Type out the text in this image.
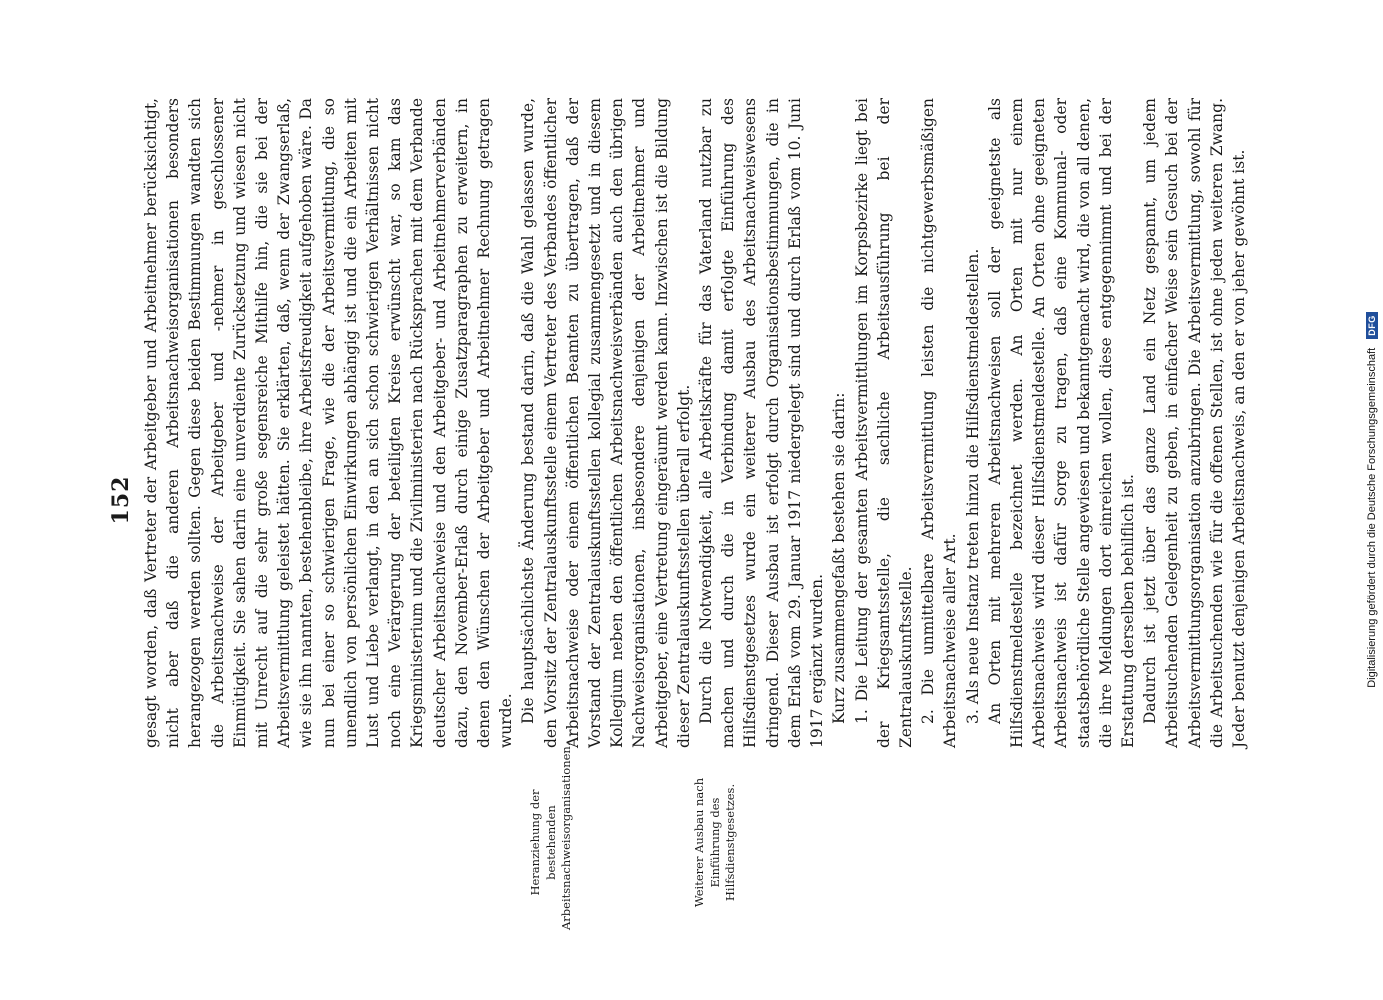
152
Heranziehung der bestehenden Arbeitsnachweisorganisationen.	Weiterer Ausbau nach Einführung des Hilfsdienstgesetzes.

gesagt worden, daß Vertreter der Arbeitgeber und Arbeitnehmer berücksichtigt, nicht aber daß die anderen Arbeitsnachweisorganisationen besonders herangezogen werden sollten. Gegen diese beiden Bestimmungen wandten sich die Arbeitsnachweise der Arbeitgeber und -nehmer in geschlossener Einmütigkeit. Sie sahen darin eine unverdiente Zurücksetzung und wiesen nicht mit Unrecht auf die sehr große segensreiche Mithilfe hin, die sie bei der Arbeitsvermittlung geleistet hätten. Sie erklärten, daß, wenn der Zwangserlaß, wie sie ihn nannten, bestehenbleibe, ihre Arbeitsfreudigkeit aufgehoben wäre. Da nun bei einer so schwierigen Frage, wie die der Arbeitsvermittlung, die so unendlich von persönlichen Einwirkungen abhängig ist und die ein Arbeiten mit Lust und Liebe verlangt, in den an sich schon schwierigen Verhältnissen nicht noch eine Verärgerung der beteiligten Kreise erwünscht war, so kam das Kriegsministerium und die Zivilministerien nach Rücksprachen mit dem Verbande deutscher Arbeitsnachweise und den Arbeitgeber- und Arbeitnehmerverbänden dazu, den November-Erlaß durch einige Zusatzparagraphen zu erweitern, in denen den Wünschen der Arbeitgeber und Arbeitnehmer Rechnung getragen wurde. Die hauptsächlichste Änderung bestand darin, daß die Wahl gelassen wurde, den Vorsitz der Zentralauskunftsstelle einem Vertreter des Verbandes öffentlicher Arbeitsnachweise oder einem öffentlichen Beamten zu übertragen, daß der Vorstand der Zentralauskunftsstellen kollegial zusammengesetzt und in diesem Kollegium neben den öffentlichen Arbeitsnachweisverbänden auch den übrigen Nachweisorganisationen, insbesondere denjenigen der Arbeitnehmer und Arbeitgeber, eine Vertretung eingeräumt werden kann. Inzwischen ist die Bildung dieser Zentralauskunftsstellen überall erfolgt. Durch die Notwendigkeit, alle Arbeitskräfte für das Vaterland nutzbar zu machen und durch die in Verbindung damit erfolgte Einführung des Hilfsdienstgesetzes wurde ein weiterer Ausbau des Arbeitsnachweiswesens dringend. Dieser Ausbau ist erfolgt durch Organisationsbestimmungen, die in dem Erlaß vom 29. Januar 1917 niedergelegt sind und durch Erlaß vom 10. Juni 1917 ergänzt wurden. Kurz zusammengefaßt bestehen sie darin: 1. Die Leitung der gesamten Arbeitsvermittlungen im Korpsbezirke liegt bei der Kriegsamtsstelle, die sachliche Arbeitsausführung bei der Zentralauskunftsstelle. 2. Die unmittelbare Arbeitsvermittlung leisten die nichtgewerbsmäßigen Arbeitsnachweise aller Art. 3. Als neue Instanz treten hinzu die Hilfsdienstmeldestellen. An Orten mit mehreren Arbeitsnachweisen soll der geeignetste als Hilfsdienstmeldestelle bezeichnet werden. An Orten mit nur einem Arbeitsnachweis wird dieser Hilfsdienstmeldestelle. An Orten ohne geeigneten Arbeitsnachweis ist dafür Sorge zu tragen, daß eine Kommunal- oder staatsbehördliche Stelle angewiesen und bekanntgemacht wird, die von all denen, die ihre Meldungen dort einreichen wollen, diese entgegennimmt und bei der Erstattung derselben behilflich ist. Dadurch ist jetzt über das ganze Land ein Netz gespannt, um jedem Arbeitsuchenden Gelegenheit zu geben, in einfacher Weise sein Gesuch bei der Arbeitsvermittlungsorganisation anzubringen. Die Arbeitsvermittlung, sowohl für die Arbeitsuchenden wie für die offenen Stellen, ist ohne jeden weiteren Zwang. Jeder benutzt denjenigen Arbeitsnachweis, an den er von jeher gewöhnt ist.	Digitalisierung gefördert durch die Deutsche Forschungsgemeinschaft DFG
